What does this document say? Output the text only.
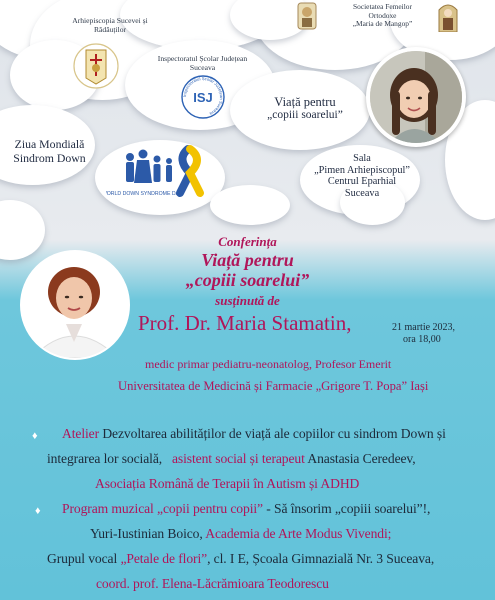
Arhiepiscopia Sucevei și
Rădăuților
Societatea Femeilor
Ortodoxe
„Maria de Mangop”
Inspectoratul Școlar Județean
Suceava
Inspectoratul Școlar Județean Suceava
ISJ	Viață pentru
„copiii soarelui”
Ziua Mondială
Sindrom Down
WORLD DOWN SYNDROME DAY
Sala
„Pimen Arhiepiscopul”
Centrul Eparhial
Suceava
Conferința
Viață pentru
„copiii soarelui”
susținută de
Prof. Dr. Maria Stamatin,	21 martie 2023,
ora 18,00
medic primar pediatru-neonatolog, Profesor Emerit
Universitatea de Medicină și Farmacie „Grigore T. Popa” Iași
♦ Atelier Dezvoltarea abilităților de viață ale copiilor cu sindrom Down și
integrarea lor socială, asistent social și terapeut Anastasia Ceredeev,
Asociația Română de Terapii în Autism și ADHD
♦ Program muzical „copii pentru copii” - Să însorim „copiii soarelui”!,
Yuri-Iustinian Boico, Academia de Arte Modus Vivendi;
Grupul vocal „Petale de flori”, cl. I E, Școala Gimnazială Nr. 3 Suceava,
coord. prof. Elena-Lăcrămioara Teodorescu
